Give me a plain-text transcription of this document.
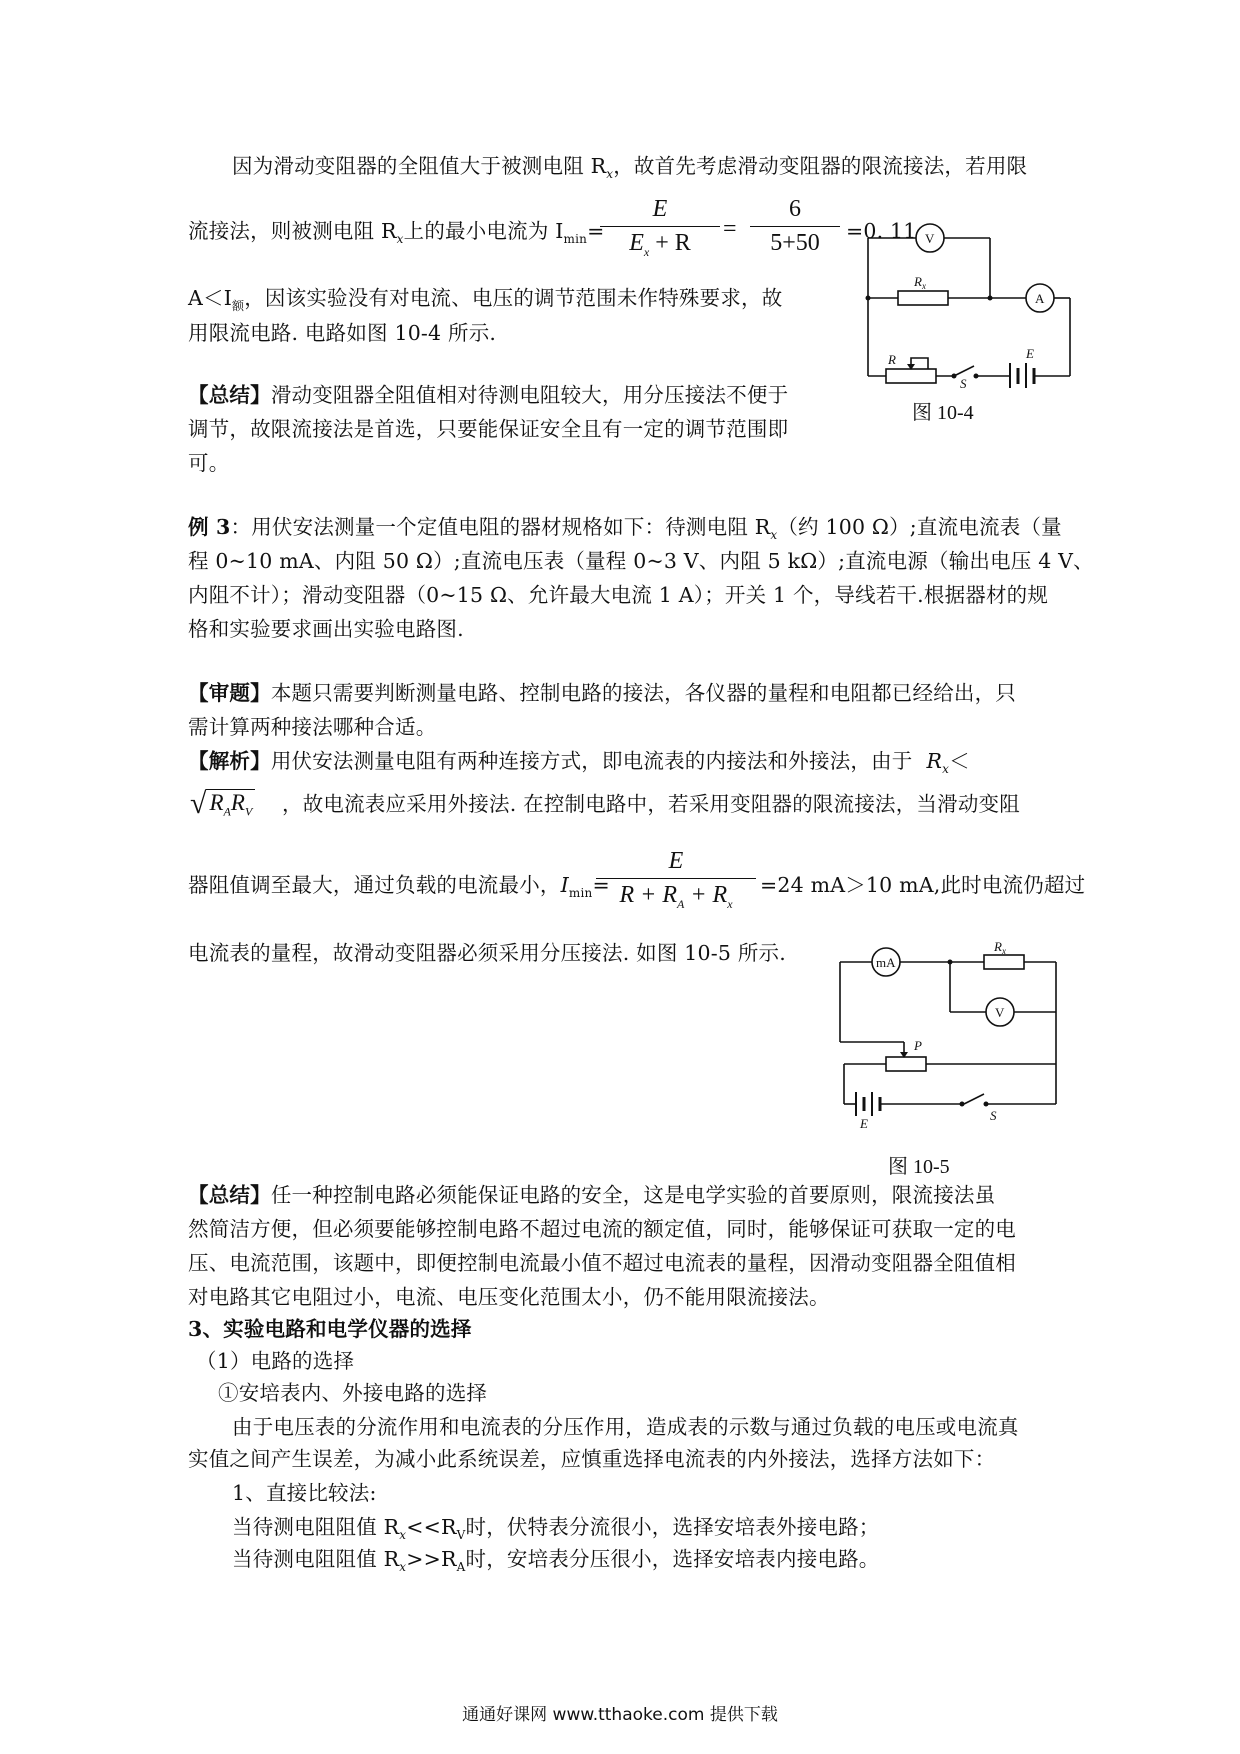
因为滑动变阻器的全阻值大于被测电阻 $R_x$，故首先考虑滑动变阻器的限流接法，若用限
流接法，则被测电阻 $R_x$上的最小电流为 $I_{min}=$
E
$E_x + R$
=
6
5+50	=0. 11
$A<I_额$，因该实验没有对电流、电压的调节范围未作特殊要求，故
用限流电路. 电路如图 10-4 所示.
【总结】滑动变阻器全阻值相对待测电阻较大，用分压接法不便于
调节，故限流接法是首选，只要能保证安全且有一定的调节范围即
可。
V
A
$R_x$
R
S
E
图 10-4
例 3：用伏安法测量一个定值电阻的器材规格如下：待测电阻 $R_x$（约 100 Ω）;直流电流表（量
程 0~10 mA、内阻 50 Ω）;直流电压表（量程 0~3 V、内阻 5 kΩ）;直流电源（输出电压 4 V、
内阻不计）；滑动变阻器（0~15 Ω、允许最大电流 1 A）；开关 1 个，导线若干.根据器材的规
格和实验要求画出实验电路图.
【审题】本题只需要判断测量电路、控制电路的接法，各仪器的量程和电阻都已经给出，只
需计算两种接法哪种合适。
【解析】用伏安法测量电阻有两种连接方式，即电流表的内接法和外接法，由于 $R_x<$
√ $R_AR_V$ ，故电流表应采用外接法. 在控制电路中，若采用变阻器的限流接法，当滑动变阻
器阻值调至最大，通过负载的电流最小，$I_{min}=$
E
$R + R_A + R_x$
=24 mA＞10 mA,此时电流仍超过
电流表的量程，故滑动变阻器必须采用分压接法. 如图 10-5 所示.	mA
V
$R_x$
P
E
S
图 10-5
【总结】任一种控制电路必须能保证电路的安全，这是电学实验的首要原则，限流接法虽
然简洁方便，但必须要能够控制电路不超过电流的额定值，同时，能够保证可获取一定的电
压、电流范围，该题中，即便控制电流最小值不超过电流表的量程，因滑动变阻器全阻值相
对电路其它电阻过小，电流、电压变化范围太小，仍不能用限流接法。
3、实验电路和电学仪器的选择
（1）电路的选择
①安培表内、外接电路的选择
由于电压表的分流作用和电流表的分压作用，造成表的示数与通过负载的电压或电流真
实值之间产生误差，为减小此系统误差，应慎重选择电流表的内外接法，选择方法如下：
1、直接比较法:
当待测电阻阻值 $R_x<<R_V$时，伏特表分流很小，选择安培表外接电路；
当待测电阻阻值 $R_x>>R_A$时，安培表分压很小，选择安培表内接电路。
通通好课网 www.tthaoke.com 提供下载
